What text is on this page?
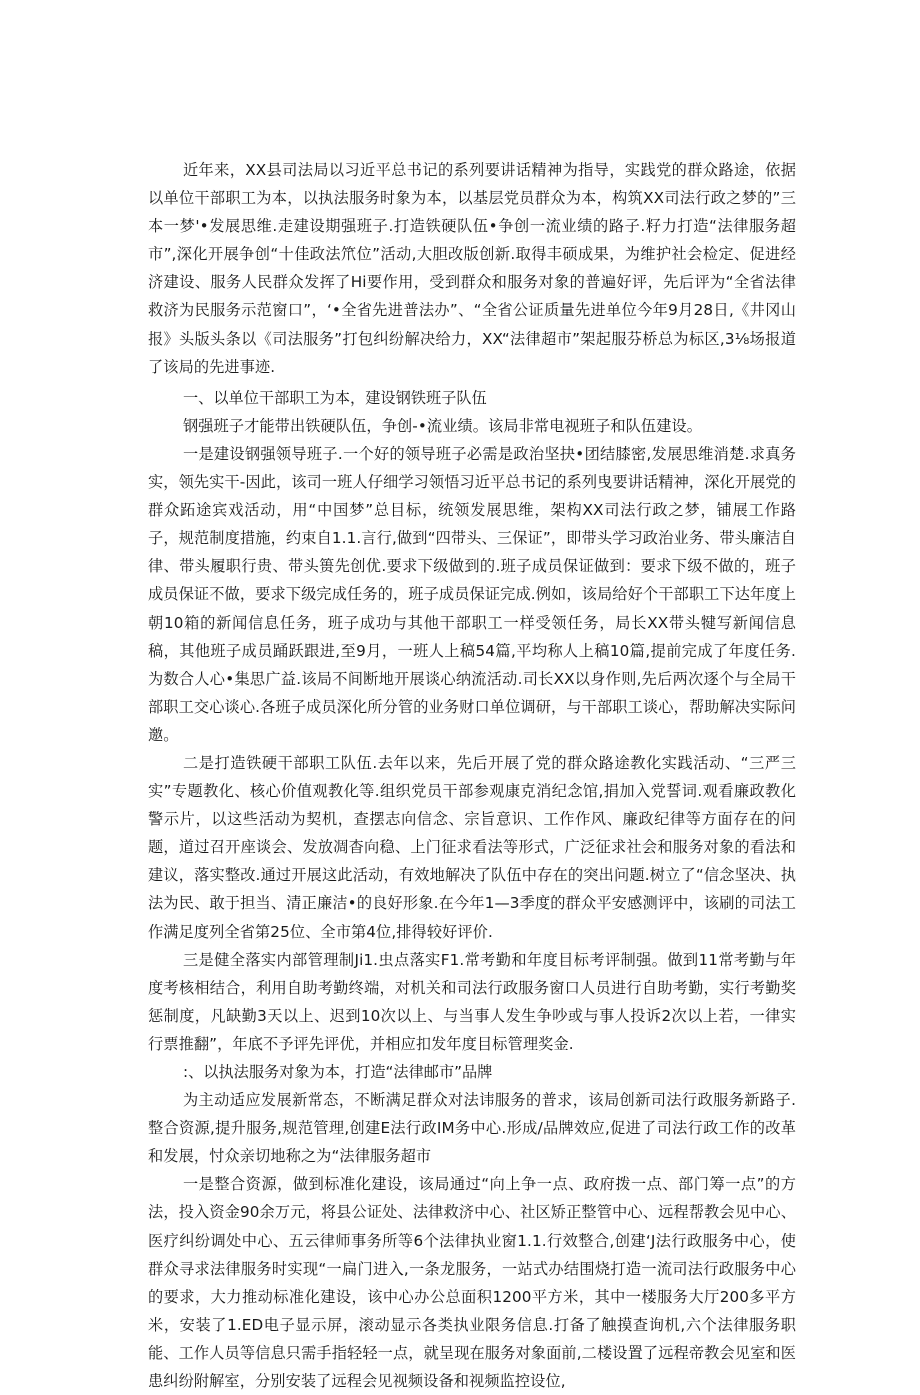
近年来，XX县司法局以习近平总书记的系列要讲话精神为指导，实践党的群众路途，依据以单位干部职工为本，以执法服务时象为本，以基层党员群众为本，构筑XX司法行政之梦的”三本一梦'•发展思维.走建设期强班子.打造铁硬队伍•争创一流业绩的路子.籽力打造“法律服务超市”,深化开展争创“十佳政法笊位”活动,大胆改版创新.取得丰硕成果，为维护社会检定、促进经济建设、服务人民群众发挥了Hi要作用，受到群众和服务对象的普遍好评，先后评为“全省法律救济为民服务示范窗口”，‘•全省先进普法办”、“全省公证质量先进单位今年9月28日,《井冈山报》头版头条以《司法服务”打包纠纷解决给力，XX“法律超市”架起服芬桥总为标区,3⅛场报道了该局的先进事迹.

一、以单位干部职工为本，建设钢铁班子队伍

钢强班子才能带出铁硬队伍，争创-•流业绩。该局非常电视班子和队伍建设。

一是建设钢强领导班子.一个好的领导班子必需是政治坚抉•团结膝密,发展思维消楚.求真务实，领先实干-因此，该司一班人仔细学习领悟习近平总书记的系列曳要讲话精神，深化开展党的群众跖途宾戏活动，用“中国梦”总目标，统领发展思维，架构XX司法行政之梦，铺展工作路子，规范制度措施，约束自1.1.言行,做到“四带头、三保证”，即带头学习政治业务、带头廉洁自律、带头履职行贵、带头篑先创优.要求下级做到的.班子成员保证做到：要求下级不做的，班子成员保证不做，要求下级完成任务的，班子成员保证完成.例如，该局给好个干部职工下达年度上朝10箱的新闻信息任务，班子成功与其他干部职工一样受领任务，局长XX带头犍写新闻信息稿，其他班子成员踊跃跟进,至9月，一班人上稿54篇,平均称人上稿10篇,提前完成了年度任务.为数合人心•集思广益.该局不间断地开展谈心纳流活动.司长XX以身作则,先后两次逐个与全局干部职工交心谈心.各班子成员深化所分管的业务财口单位调研，与干部职工谈心，帮助解决实际问邀。

二是打造铁硬干部职工队伍.去年以来，先后开展了党的群众路途教化实践活动、“三严三实”专题教化、核心价值观教化等.组织党员干部参观康克消纪念馆,捐加入党誓词.观看廉政教化警示片，以这些活动为契机，查摆志向信念、宗旨意识、工作作风、廉政纪律等方面存在的问题，道过召开座谈会、发放凋杳向稳、上门征求看法等形式，广泛征求社会和服务对象的看法和建议，落实整改.通过开展这此活动，有效地解决了队伍中存在的突出问题.树立了“信念坚决、执法为民、敢于担当、清正廉洁•的良好形象.在今年1—3季度的群众平安感测评中，该刷的司法工作满足度列全省第25位、全市第4位,排得较好评价.

三是健全落实内部管理制Ji1.虫点落实F1.常考勤和年度目标考评制强。做到11常考勤与年度考核相结合，利用自助考勤终端，对机关和司法行政服务窗口人员进行自助考勤，实行考勤奖惩制度，凡缺勤3天以上、迟到10次以上、与当事人发生争吵或与事人投诉2次以上若，一律实行票推翻”，年底不予评先评优，并相应扣发年度目标管理奖金.

:、以执法服务对象为本，打造“法律邮市”品牌

为主动适应发展新常态，不断满足群众对法讳服务的普求，该局创新司法行政服务新路子.整合资源,提升服务,规范管理,创建E法行政IM务中心.形成/品牌效应,促进了司法行政工作的改革和发展，忖众亲切地称之为“法律服务超市

一是整合资源，做到标准化建设，该局通过“向上争一点、政府拨一点、部门筹一点”的方法，投入资金90余万元，将县公证处、法律救济中心、社区矫正整管中心、远程帮教会见中心、医疗纠纷调处中心、五云律师事务所等6个法律执业窗1.1.行效整合,创建‘J法行政服务中心，使群众寻求法律服务时实现“一扁门进入,一条龙服务，一站式办结围烧打造一流司法行政服务中心的要求，大力推动标准化建设，该中心办公总面积1200平方米，其中一楼服务大厅200多平方米，安装了1.ED电子显示屏，滚动显示各类执业限务信息.打备了触摸查询机,六个法律服务职能、工作人员等信息只需手指轻轻一点，就呈现在服务对象面前,二楼设置了远程帝教会见室和医患纠纷附解室，分别安装了远程会见视频设备和视频监控设位,
